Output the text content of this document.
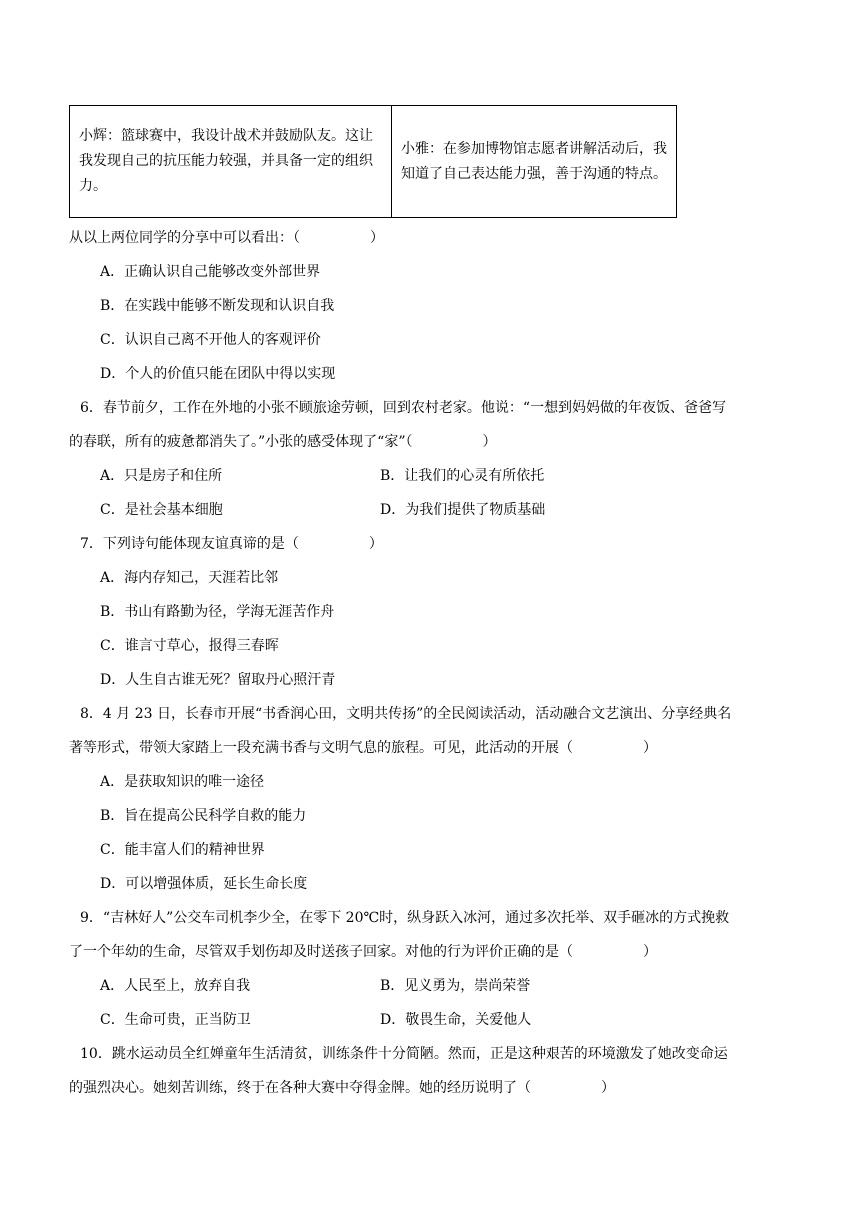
小辉：篮球赛中，我设计战术并鼓励队友。这让我发现自己的抗压能力较强，并具备一定的组织力。	小雅：在参加博物馆志愿者讲解活动后，我知道了自己表达能力强，善于沟通的特点。
从以上两位同学的分享中可以看出：（　　　　　）
A．正确认识自己能够改变外部世界
B．在实践中能够不断发现和认识自我
C．认识自己离不开他人的客观评价
D．个人的价值只能在团队中得以实现
6．春节前夕，工作在外地的小张不顾旅途劳顿，回到农村老家。他说：“一想到妈妈做的年夜饭、爸爸写
的春联，所有的疲惫都消失了。”小张的感受体现了“家”（　　　　　）
A．只是房子和住所	B．让我们的心灵有所依托
C．是社会基本细胞	D．为我们提供了物质基础
7．下列诗句能体现友谊真谛的是（　　　　　）
A．海内存知己，天涯若比邻
B．书山有路勤为径，学海无涯苦作舟
C．谁言寸草心，报得三春晖
D．人生自古谁无死？留取丹心照汗青
8．4 月 23 日，长春市开展“书香润心田，文明共传扬”的全民阅读活动，活动融合文艺演出、分享经典名
著等形式，带领大家踏上一段充满书香与文明气息的旅程。可见，此活动的开展（　　　　　）
A．是获取知识的唯一途径
B．旨在提高公民科学自救的能力
C．能丰富人们的精神世界
D．可以增强体质，延长生命长度
9．“吉林好人”公交车司机李少全，在零下 20℃时，纵身跃入冰河，通过多次托举、双手砸冰的方式挽救
了一个年幼的生命，尽管双手划伤却及时送孩子回家。对他的行为评价正确的是（　　　　　）
A．人民至上，放弃自我	B．见义勇为，崇尚荣誉
C．生命可贵，正当防卫	D．敬畏生命，关爱他人
10．跳水运动员全红婵童年生活清贫，训练条件十分简陋。然而，正是这种艰苦的环境激发了她改变命运
的强烈决心。她刻苦训练，终于在各种大赛中夺得金牌。她的经历说明了（　　　　　）
